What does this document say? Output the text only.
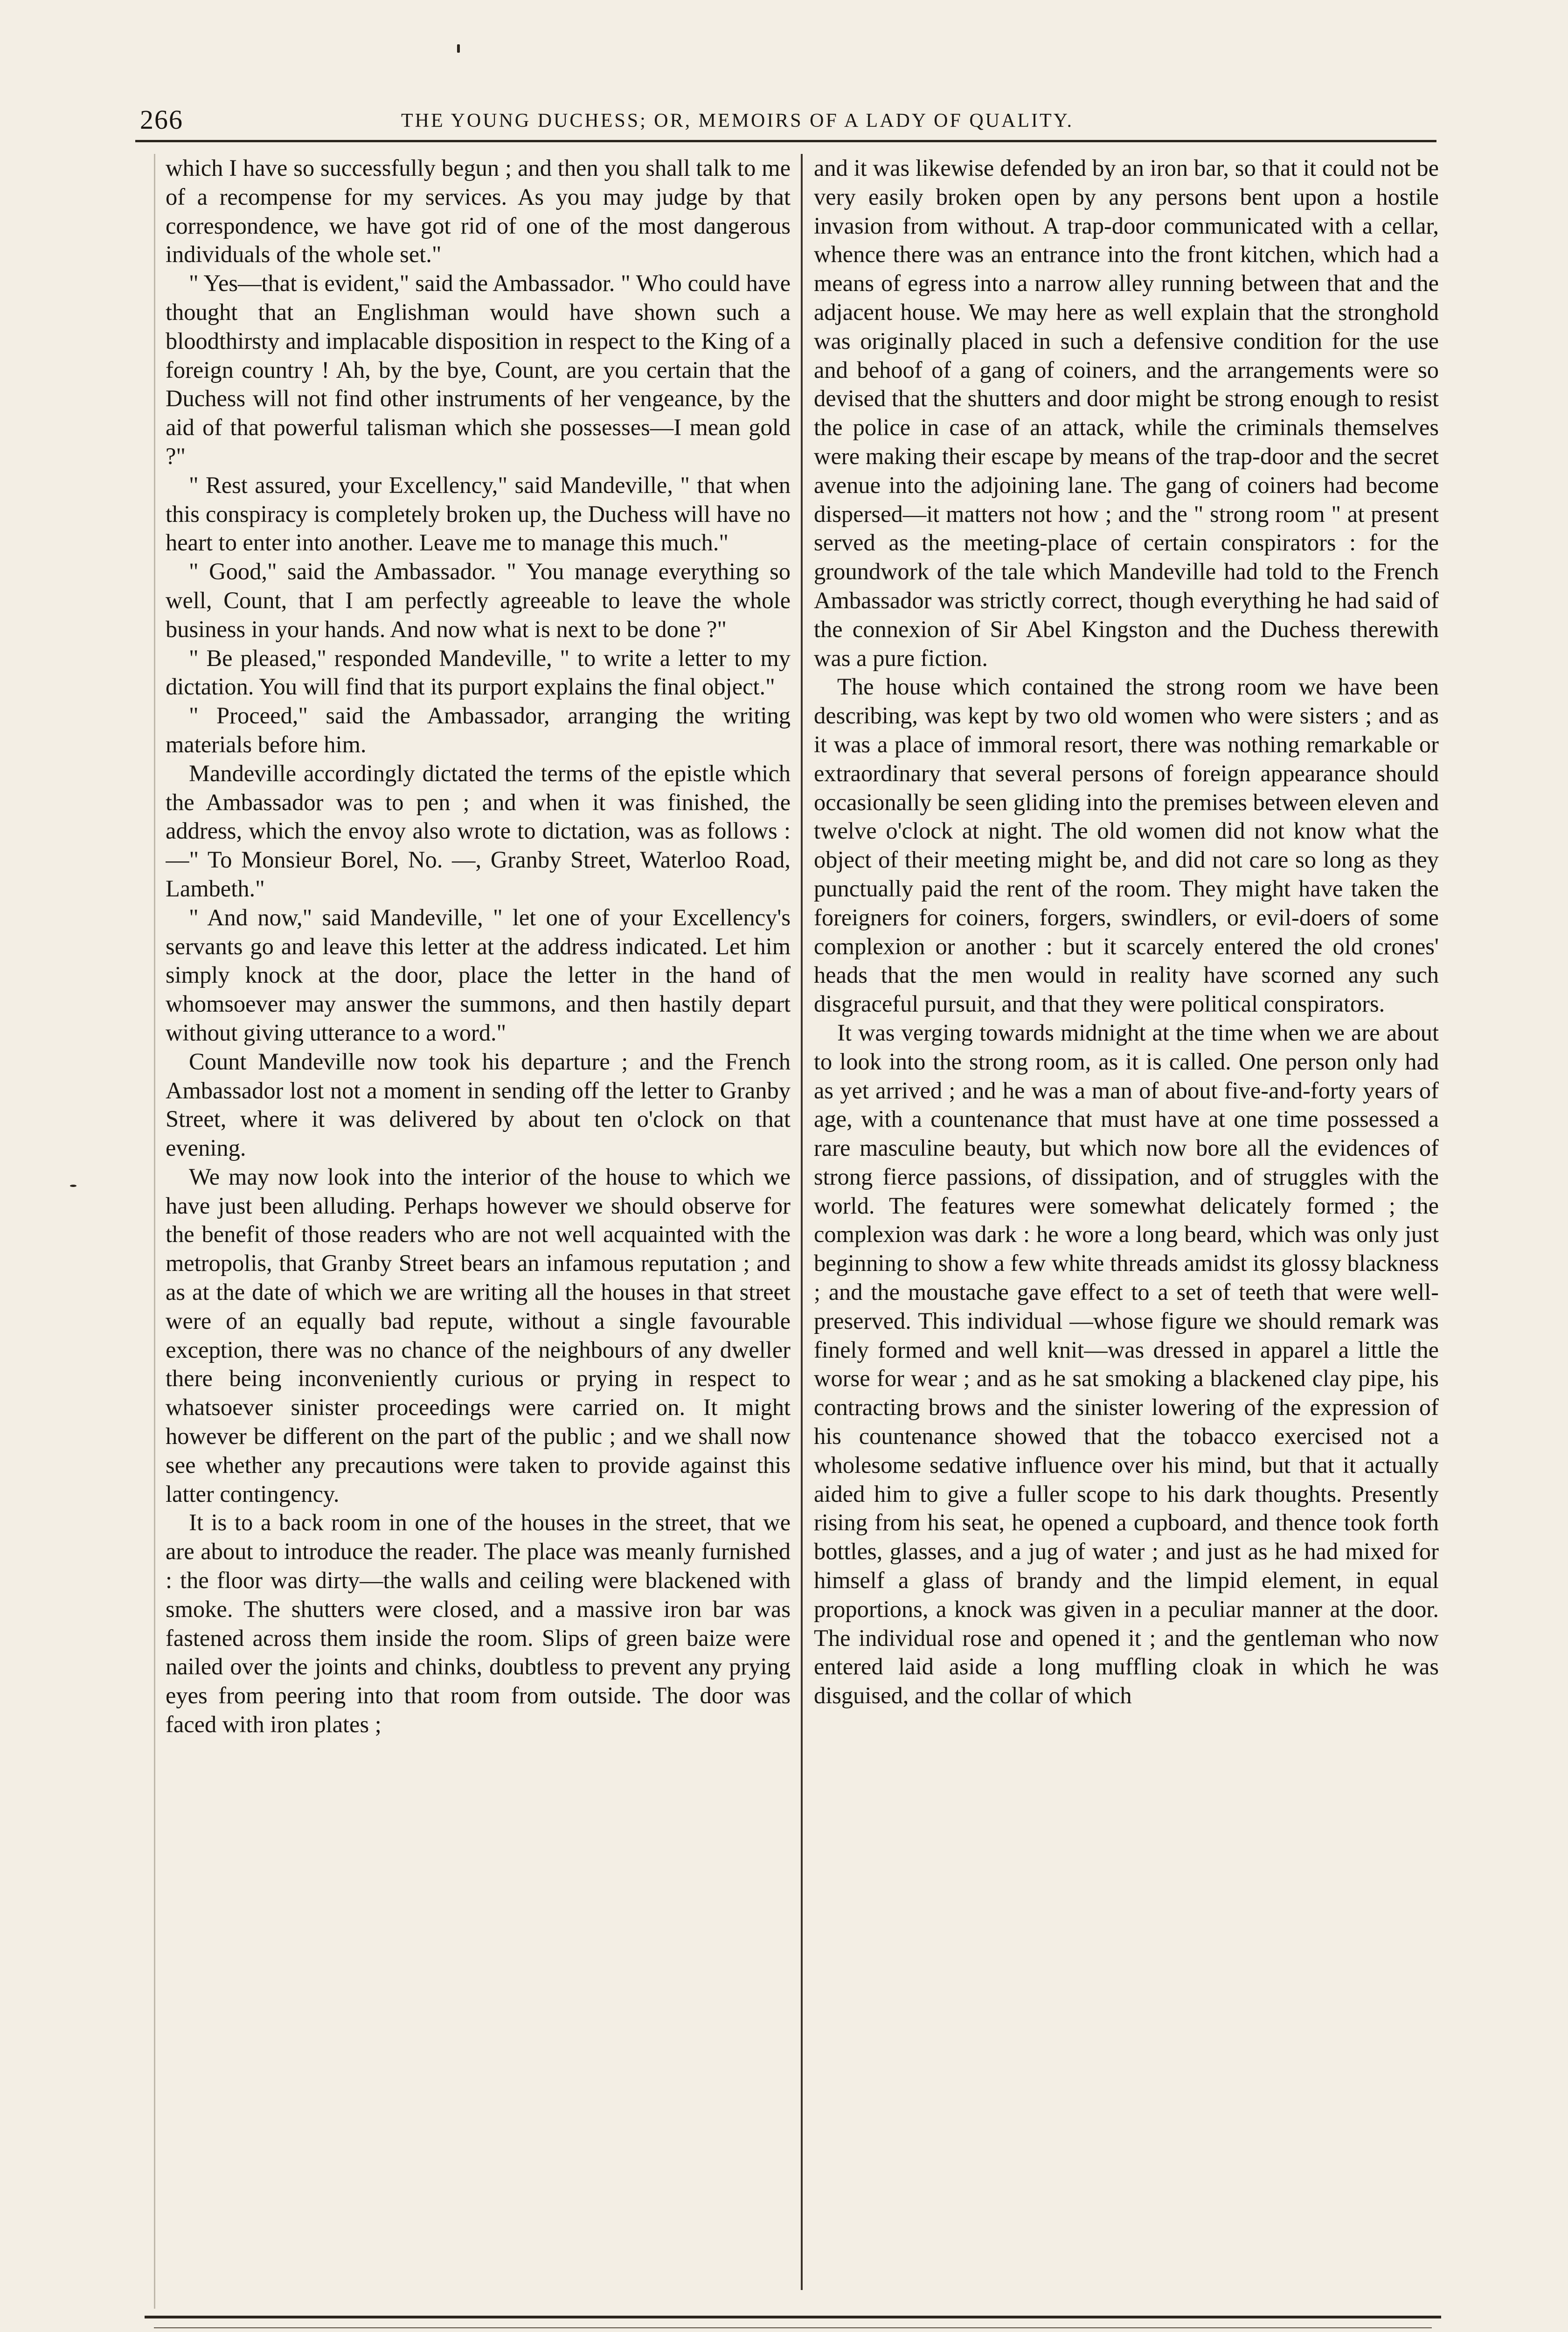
266	THE YOUNG DUCHESS; OR, MEMOIRS OF A LADY OF QUALITY.

which I have so successfully begun ; and then you shall talk to me of a recompense for my services. As you may judge by that correspondence, we have got rid of one of the most dangerous individuals of the whole set."

" Yes—that is evident," said the Ambassador. " Who could have thought that an Englishman would have shown such a bloodthirsty and implacable disposition in respect to the King of a foreign country ! Ah, by the bye, Count, are you certain that the Duchess will not find other instruments of her vengeance, by the aid of that powerful talisman which she possesses—I mean gold ?"

" Rest assured, your Excellency," said Mandeville, " that when this conspiracy is completely broken up, the Duchess will have no heart to enter into another. Leave me to manage this much."

" Good," said the Ambassador. " You manage everything so well, Count, that I am perfectly agreeable to leave the whole business in your hands. And now what is next to be done ?"

" Be pleased," responded Mandeville, " to write a letter to my dictation. You will find that its purport explains the final object."

" Proceed," said the Ambassador, arranging the writing materials before him.

Mandeville accordingly dictated the terms of the epistle which the Ambassador was to pen ; and when it was finished, the address, which the envoy also wrote to dictation, was as follows :—" To Monsieur Borel, No. —, Granby Street, Waterloo Road, Lambeth."

" And now," said Mandeville, " let one of your Excellency's servants go and leave this letter at the address indicated. Let him simply knock at the door, place the letter in the hand of whomsoever may answer the summons, and then hastily depart without giving utterance to a word."

Count Mandeville now took his departure ; and the French Ambassador lost not a moment in sending off the letter to Granby Street, where it was delivered by about ten o'clock on that evening.

We may now look into the interior of the house to which we have just been alluding. Perhaps however we should observe for the benefit of those readers who are not well acquainted with the metropolis, that Granby Street bears an infamous reputation ; and as at the date of which we are writing all the houses in that street were of an equally bad repute, without a single favourable exception, there was no chance of the neighbours of any dweller there being inconveniently curious or prying in respect to whatsoever sinister proceedings were carried on. It might however be different on the part of the public ; and we shall now see whether any precautions were taken to provide against this latter contingency.

It is to a back room in one of the houses in the street, that we are about to introduce the reader. The place was meanly furnished : the floor was dirty—the walls and ceiling were blackened with smoke. The shutters were closed, and a massive iron bar was fastened across them inside the room. Slips of green baize were nailed over the joints and chinks, doubtless to prevent any prying eyes from peering into that room from outside. The door was faced with iron plates ;

and it was likewise defended by an iron bar, so that it could not be very easily broken open by any persons bent upon a hostile invasion from without. A trap-door communicated with a cellar, whence there was an entrance into the front kitchen, which had a means of egress into a narrow alley running between that and the adjacent house. We may here as well explain that the stronghold was originally placed in such a defensive condition for the use and behoof of a gang of coiners, and the arrangements were so devised that the shutters and door might be strong enough to resist the police in case of an attack, while the criminals themselves were making their escape by means of the trap-door and the secret avenue into the adjoining lane. The gang of coiners had become dispersed—it matters not how ; and the " strong room " at present served as the meeting-place of certain conspirators : for the groundwork of the tale which Mandeville had told to the French Ambassador was strictly correct, though everything he had said of the connexion of Sir Abel Kingston and the Duchess therewith was a pure fiction.

The house which contained the strong room we have been describing, was kept by two old women who were sisters ; and as it was a place of immoral resort, there was nothing remarkable or extraordinary that several persons of foreign appearance should occasionally be seen gliding into the premises between eleven and twelve o'clock at night. The old women did not know what the object of their meeting might be, and did not care so long as they punctually paid the rent of the room. They might have taken the foreigners for coiners, forgers, swindlers, or evil-doers of some complexion or another : but it scarcely entered the old crones' heads that the men would in reality have scorned any such disgraceful pursuit, and that they were political conspirators.

It was verging towards midnight at the time when we are about to look into the strong room, as it is called. One person only had as yet arrived ; and he was a man of about five-and-forty years of age, with a countenance that must have at one time possessed a rare masculine beauty, but which now bore all the evidences of strong fierce passions, of dissipation, and of struggles with the world. The features were somewhat delicately formed ; the complexion was dark : he wore a long beard, which was only just beginning to show a few white threads amidst its glossy blackness ; and the moustache gave effect to a set of teeth that were well-preserved. This individual —whose figure we should remark was finely formed and well knit—was dressed in apparel a little the worse for wear ; and as he sat smoking a blackened clay pipe, his contracting brows and the sinister lowering of the expression of his countenance showed that the tobacco exercised not a wholesome sedative influence over his mind, but that it actually aided him to give a fuller scope to his dark thoughts. Presently rising from his seat, he opened a cupboard, and thence took forth bottles, glasses, and a jug of water ; and just as he had mixed for himself a glass of brandy and the limpid element, in equal proportions, a knock was given in a peculiar manner at the door. The individual rose and opened it ; and the gentleman who now entered laid aside a long muffling cloak in which he was disguised, and the collar of which
